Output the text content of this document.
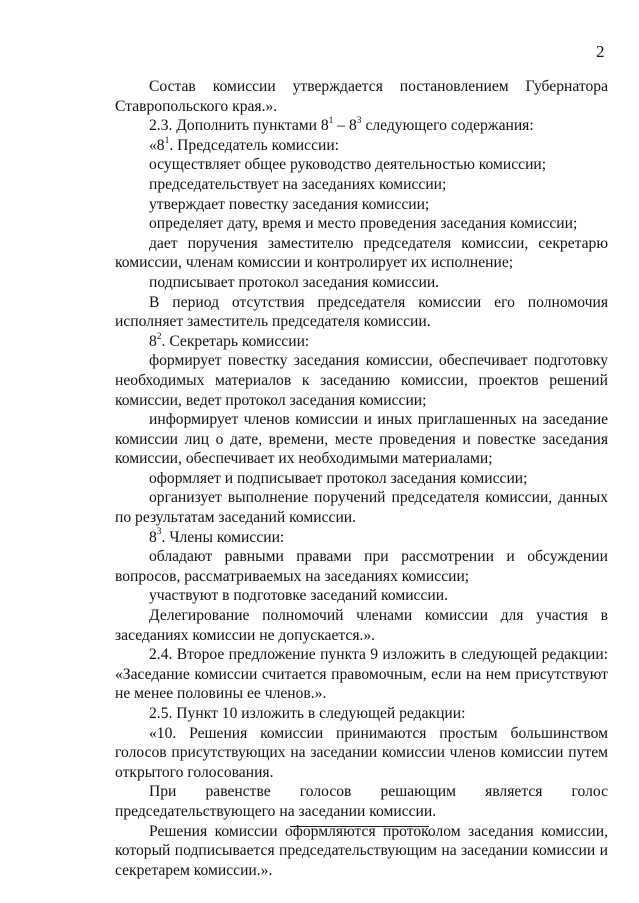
2

Состав комиссии утверждается постановлением Губернатора Ставропольского края.».

2.3. Дополнить пунктами $8^1 - 8^3$ следующего содержания:

«$8^1$. Председатель комиссии:

осуществляет общее руководство деятельностью комиссии;

председательствует на заседаниях комиссии;

утверждает повестку заседания комиссии;

определяет дату, время и место проведения заседания комиссии;

дает поручения заместителю председателя комиссии, секретарю комиссии, членам комиссии и контролирует их исполнение;

подписывает протокол заседания комиссии.

В период отсутствия председателя комиссии его полномочия исполняет заместитель председателя комиссии.

$8^2$. Секретарь комиссии:

формирует повестку заседания комиссии, обеспечивает подготовку необходимых материалов к заседанию комиссии, проектов решений комиссии, ведет протокол заседания комиссии;

информирует членов комиссии и иных приглашенных на заседание комиссии лиц о дате, времени, месте проведения и повестке заседания комиссии, обеспечивает их необходимыми материалами;

оформляет и подписывает протокол заседания комиссии;

организует выполнение поручений председателя комиссии, данных по результатам заседаний комиссии.

$8^3$. Члены комиссии:

обладают равными правами при рассмотрении и обсуждении вопросов, рассматриваемых на заседаниях комиссии;

участвуют в подготовке заседаний комиссии.

Делегирование полномочий членами комиссии для участия в заседаниях комиссии не допускается.».

2.4. Второе предложение пункта 9 изложить в следующей редакции: «Заседание комиссии считается правомочным, если на нем присутствуют не менее половины ее членов.».

2.5. Пункт 10 изложить в следующей редакции:

«10. Решения комиссии принимаются простым большинством голосов присутствующих на заседании комиссии членов комиссии путем открытого голосования.

При равенстве голосов решающим является голос председательствующего на заседании комиссии.

Решения комиссии оформляются протоколом заседания комиссии, который подписывается председательствующим на заседании комиссии и секретарем комиссии.».
